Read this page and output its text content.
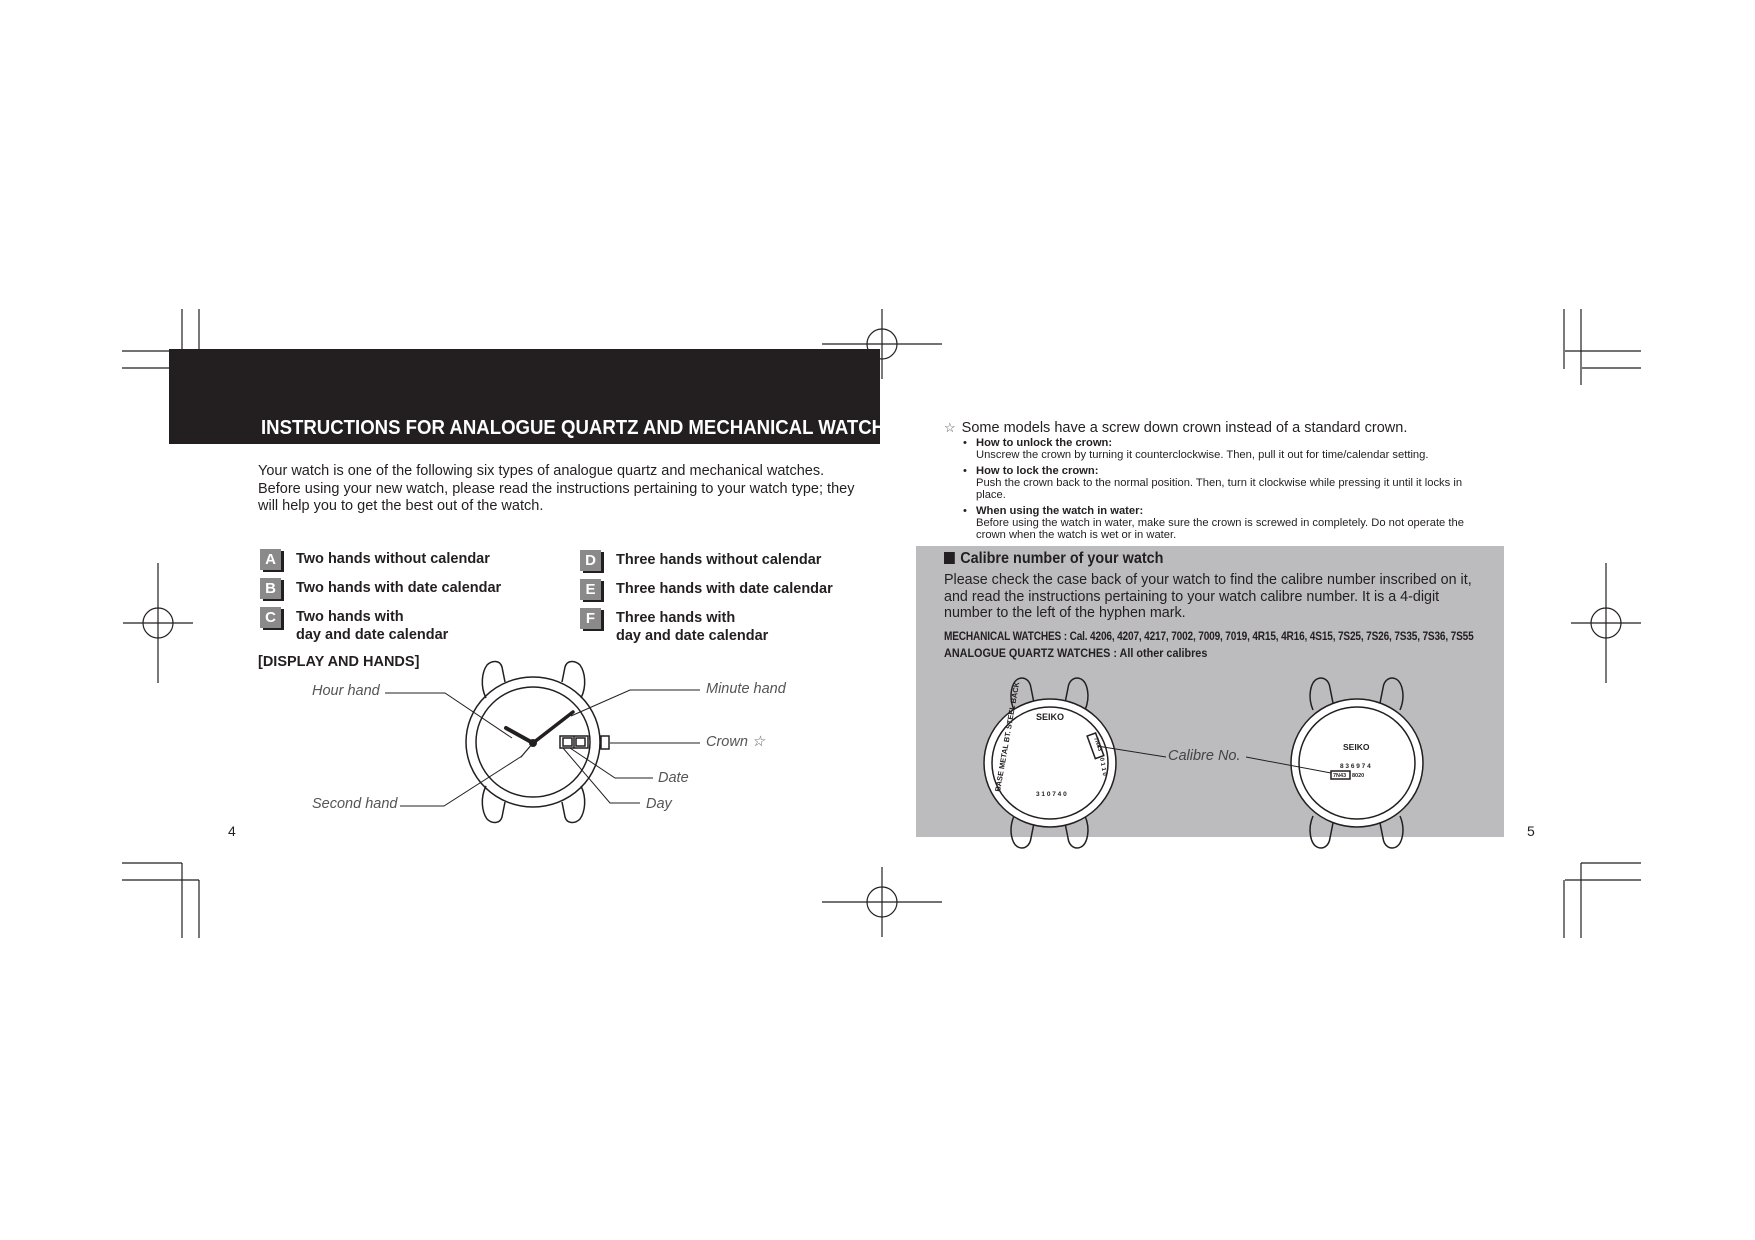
INSTRUCTIONS FOR ANALOGUE QUARTZ AND MECHANICAL WATCHES
Your watch is one of the following six types of analogue quartz and mechanical watches. Before using your new watch, please read the instructions pertaining to your watch type; they will help you to get the best out of the watch.
A	Two hands without calendar
B	Two hands with date calendar
C	Two hands with
day and date calendar
D	Three hands without calendar
E	Three hands with date calendar
F	Three hands with
day and date calendar
[DISPLAY AND HANDS]
Hour hand	Minute hand
Crown ☆
Date
Second hand	Day
4
☆ Some models have a screw down crown instead of a standard crown.
• How to unlock the crown:
Unscrew the crown by turning it counterclockwise. Then, pull it out for time/calendar setting.
• How to lock the crown:
Push the crown back to the normal position. Then, turn it clockwise while pressing it until it locks in place.
• When using the watch in water:
Before using the watch in water, make sure the crown is screwed in completely. Do not operate the crown when the watch is wet or in water.
Calibre number of your watch
Please check the case back of your watch to find the calibre number inscribed on it, and read the instructions pertaining to your watch calibre number. It is a 4-digit number to the left of the hyphen mark.
MECHANICAL WATCHES : Cal. 4206, 4207, 4217, 7002, 7009, 7019, 4R15, 4R16, 4S15, 7S25, 7S26, 7S35, 7S36, 7S55
ANALOGUE QUARTZ WATCHES : All other calibres
SEIKO
BASE METAL BT. STEEL BACK
3 1 0 7 4 0
7N43
0 1 1 0
SEIKO
8 3 6 9 7 4
7N43 8020
Calibre No.
5
